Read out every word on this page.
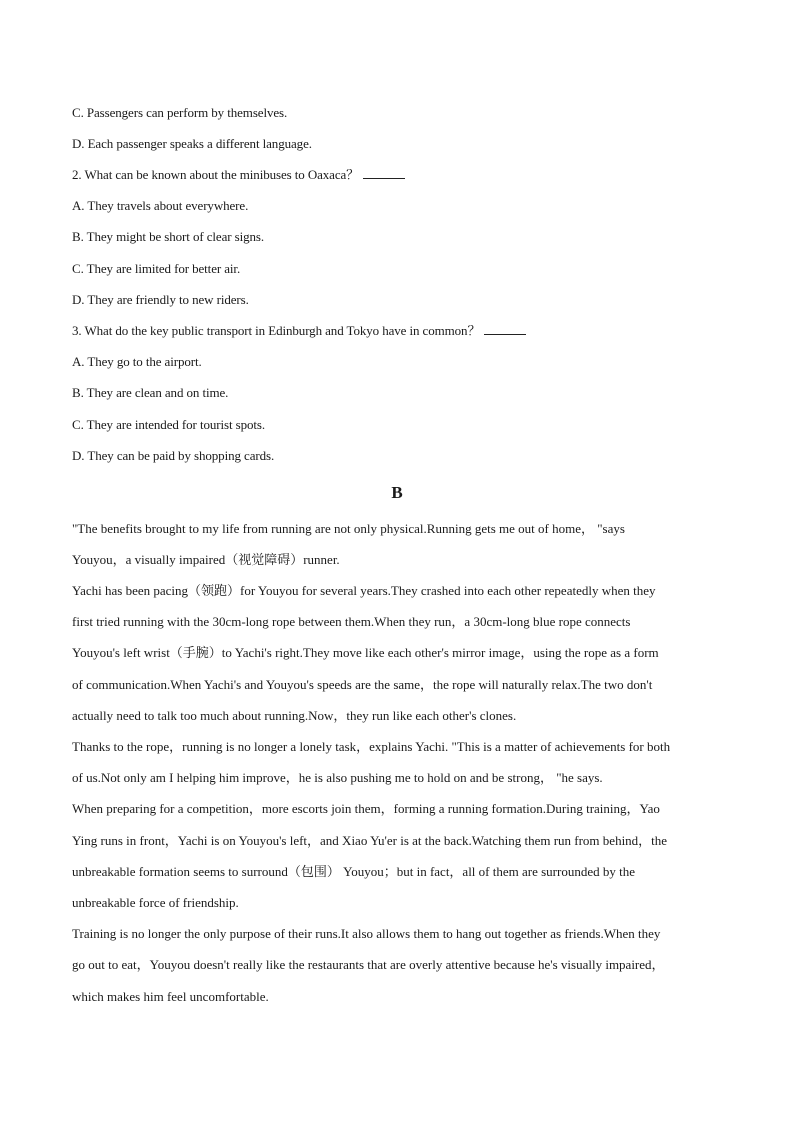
C. Passengers can perform by themselves.
D. Each passenger speaks a different language.
2. What can be known about the minibuses to Oaxaca？
A. They travels about everywhere.
B. They might be short of clear signs.
C. They are limited for better air.
D. They are friendly to new riders.
3. What do the key public transport in Edinburgh and Tokyo have in common？
A. They go to the airport.
B. They are clean and on time.
C. They are intended for tourist spots.
D. They can be paid by shopping cards.
B
"The benefits brought to my life from running are not only physical.Running gets me out of home， "says
Youyou，a visually impaired（视觉障碍）runner.
Yachi has been pacing（领跑）for Youyou for several years.They crashed into each other repeatedly when they
first tried running with the 30cm-long rope between them.When they run，a 30cm-long blue rope connects
Youyou's left wrist（手腕）to Yachi's right.They move like each other's mirror image，using the rope as a form
of communication.When Yachi's and Youyou's speeds are the same，the rope will naturally relax.The two don't
actually need to talk too much about running.Now，they run like each other's clones.
Thanks to the rope，running is no longer a lonely task，explains Yachi. "This is a matter of achievements for both
of us.Not only am I helping him improve，he is also pushing me to hold on and be strong， "he says.
When preparing for a competition，more escorts join them，forming a running formation.During training，Yao
Ying runs in front，Yachi is on Youyou's left，and Xiao Yu'er is at the back.Watching them run from behind，the
unbreakable formation seems to surround（包围） Youyou；but in fact，all of them are surrounded by the
unbreakable force of friendship.
Training is no longer the only purpose of their runs.It also allows them to hang out together as friends.When they
go out to eat，Youyou doesn't really like the restaurants that are overly attentive because he's visually impaired，
which makes him feel uncomfortable.
